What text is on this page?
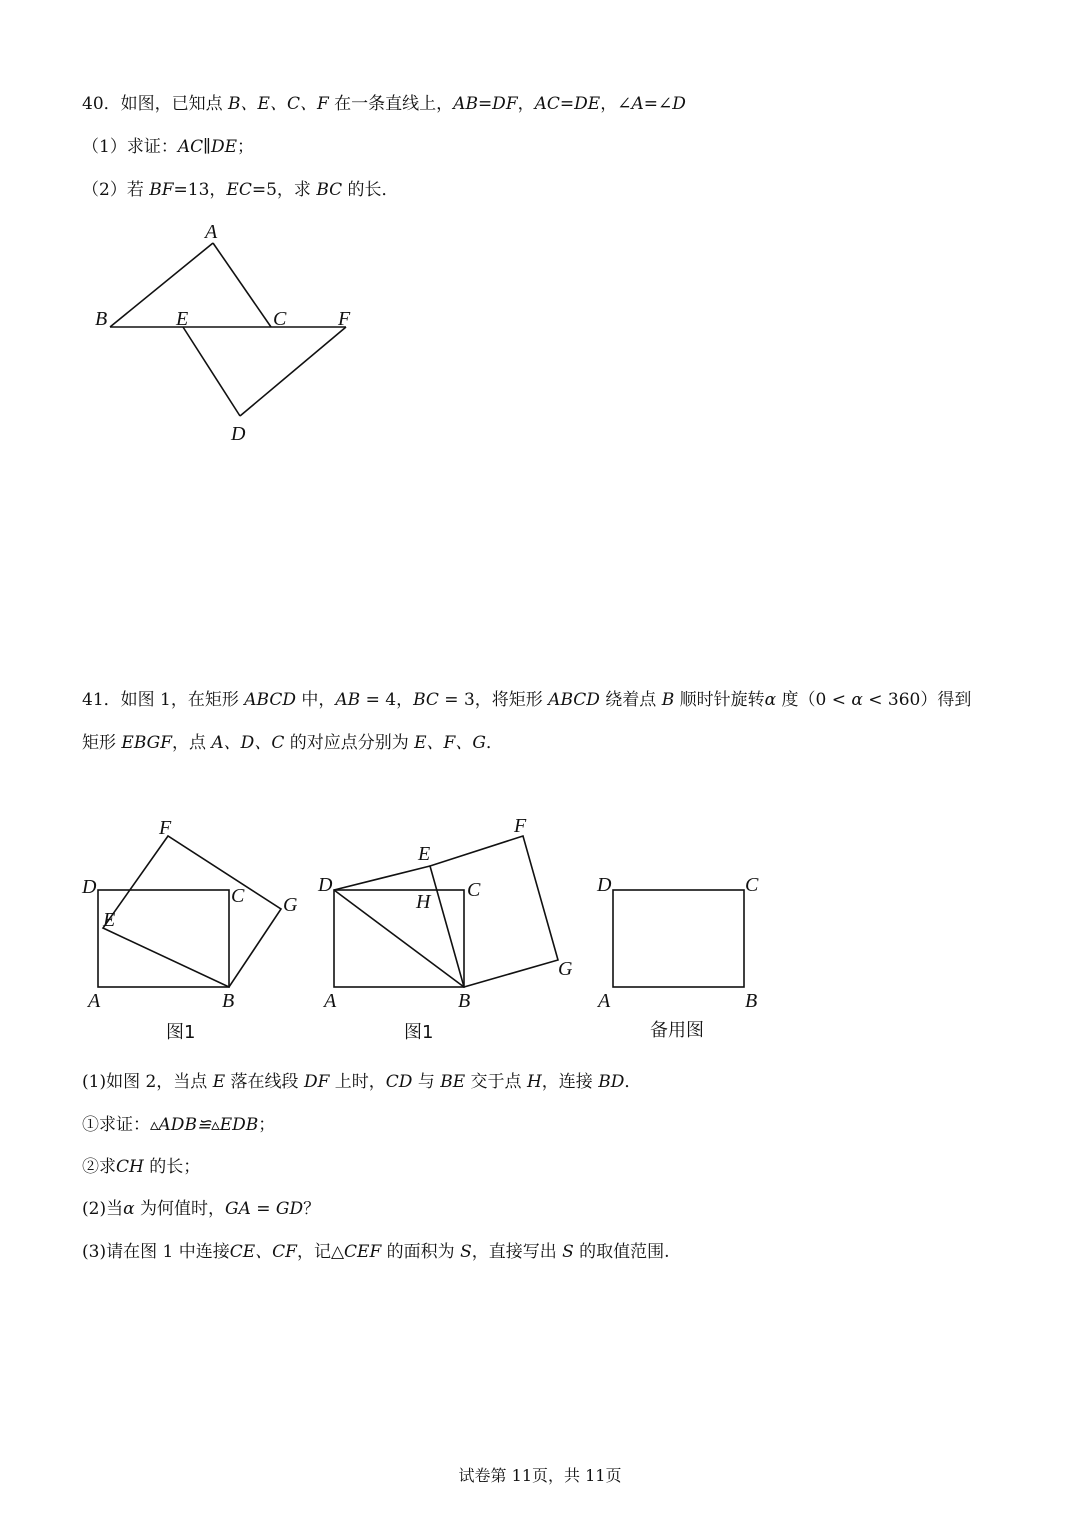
40．如图，已知点 B、E、C、F 在一条直线上，AB=DF，AC=DE，∠A=∠D
（1）求证：AC∥DE；
（2）若 BF=13，EC=5，求 BC 的长．
A
B	E	C	F
D
41．如图 1，在矩形 ABCD 中，AB = 4，BC = 3，将矩形 ABCD 绕着点 B 顺时针旋转α 度（0 < α < 360）得到
矩形 EBGF，点 A、D、C 的对应点分别为 E、F、G．
F
D
E
C G
A	B
F
E
D
H
C
G
A	B
D	C
A	B
图1	图1	备用图
(1)如图 2，当点 E 落在线段 DF 上时，CD 与 BE 交于点 H，连接 BD．
①求证：▵ADB≌▵EDB；
②求CH 的长；
(2)当α 为何值时，GA = GD？
(3)请在图 1 中连接CE、CF，记△CEF 的面积为 S，直接写出 S 的取值范围.
试卷第 11页，共 11页
